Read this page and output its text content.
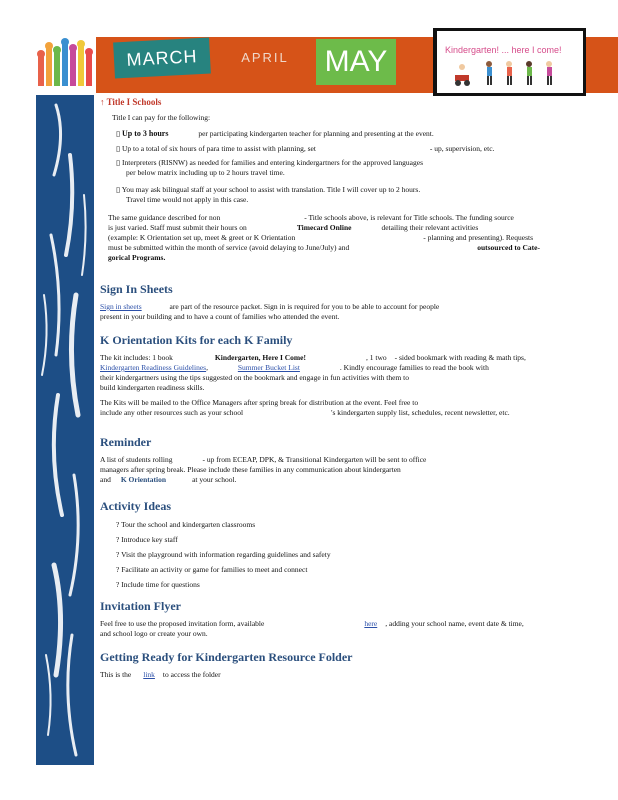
MARCH	APRIL	MAY	Kindergarten! ... here I come!
↑ Title I Schools
Title I can pay for the following:
▯ Up to 3 hours	per participating kindergarten teacher for planning and presenting at the event.
▯ Up to a total of six hours of para time to assist with planning, set	- up, supervision, etc.
▯ Interpreters (RISNW) as needed for families and entering kindergartners for the approved languages
per below matrix including up to 2 hours travel time.
▯ You may ask bilingual staff at your school to assist with translation. Title I will cover up to 2 hours.
Travel time would not apply in this case.
The same guidance described for non	- Title schools above, is relevant for Title schools. The funding source
is just varied. Staff must submit their hours on	Timecard Online	detailing their relevant activities
(example: K Orientation set up, meet & greet or K Orientation	- planning and presenting). Requests
must be submitted within the month of service (avoid delaying to June/July) and	outsourced to Cate-
gorical Programs.
Sign In Sheets
Sign in sheets	are part of the resource packet. Sign in is required for you to be able to account for people
present in your building and to have a count of families who attended the event.
K Orientation Kits for each K Family
The kit includes: 1 book	Kindergarten, Here I Come!	, 1 two - sided bookmark with reading & math tips,
Kindergarten Readiness Guidelines,	Summer Bucket List	. Kindly encourage families to read the book with
their kindergartners using the tips suggested on the bookmark and engage in fun activities with them to
build kindergarten readiness skills.
The Kits will be mailed to the Office Managers after spring break for distribution at the event. Feel free to
include any other resources such as your school	's kindergarten supply list, schedules, recent newsletter, etc.
Reminder
A list of students rolling	- up from ECEAP, DPK, & Transitional Kindergarten will be sent to office
managers after spring break. Please include these families in any communication about kindergarten
and K Orientation	at your school.
Activity Ideas
? Tour the school and kindergarten classrooms
? Introduce key staff
? Visit the playground with information regarding guidelines and safety
? Facilitate an activity or game for families to meet and connect
? Include time for questions
Invitation Flyer
Feel free to use the proposed invitation form, available	here , adding your school name, event date & time,
and school logo or create your own.
Getting Ready for Kindergarten Resource Folder
This is the link to access the folder
